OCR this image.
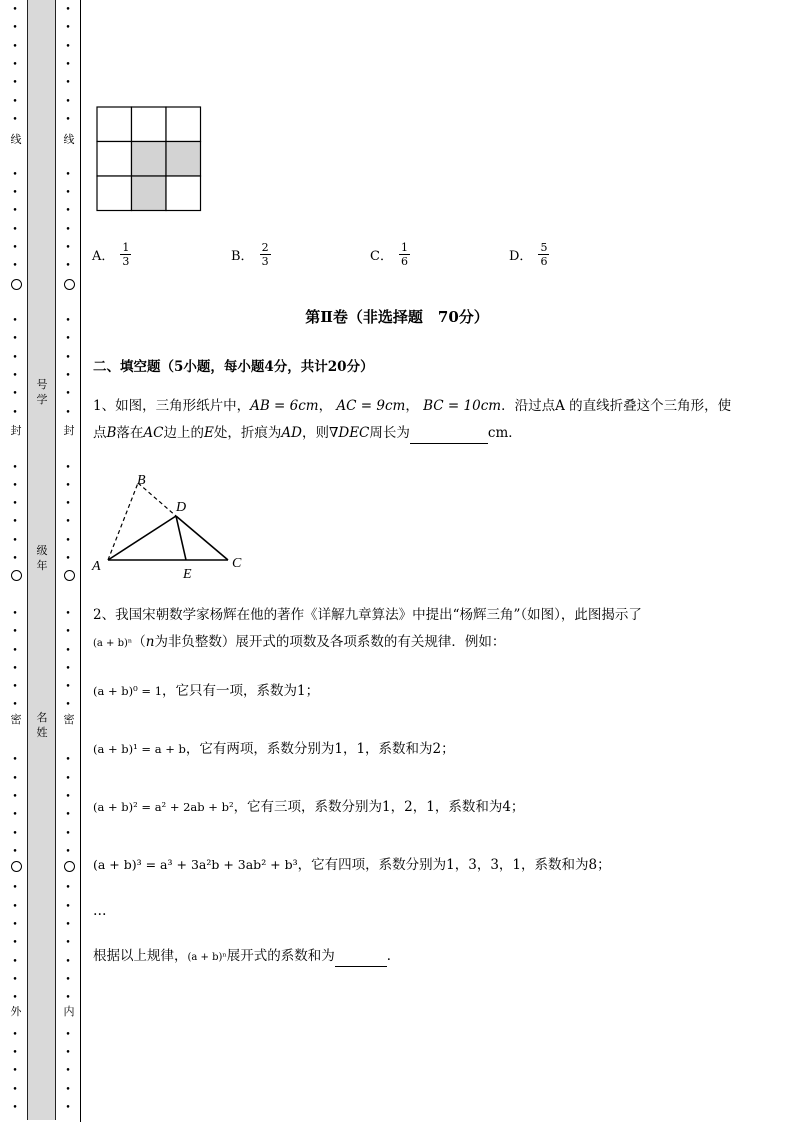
•
•
•
•
•
•
•
•
•
•
•
•
•
•
•
•
•
•
•
•
•
•
•
•
•
•
•
•
•
•
•
•
•
•
•
•
•
•
•
•
•
•
•
•
•
•
•
•
•
•
•
•
•
•
•
•
•
•
•
•
•
•
•
•
•
•
•
•
•
•
•
•
•
•
•
•
•
•
•
•
•
•
•
•
•
•
•
•
•
•
•
•
•
•
•
•
•
•
线
封
密
外
线
封
密
内
号
学
级
年
名
姓
A． $\frac{1}{3}$	B． $\frac{2}{3}$	C． $\frac{1}{6}$	D． $\frac{5}{6}$
第Ⅱ卷（非选择题　70分）
二、填空题（5小题，每小题4分，共计20分）
1、如图，三角形纸片中，AB = 6cm， AC = 9cm， BC = 10cm．沿过点A 的直线折叠这个三角形，使
点B落在AC边上的E处，折痕为AD，则∇DEC周长为	cm．
B
D
A
E
C
2、我国宋朝数学家杨辉在他的著作《详解九章算法》中提出“杨辉三角”（如图），此图揭示了
(a + b)ⁿ（n为非负整数）展开式的项数及各项系数的有关规律．例如：
(a + b)⁰ = 1，它只有一项，系数为1；
(a + b)¹ = a + b，它有两项，系数分别为1，1，系数和为2；
(a + b)² = a² + 2ab + b²，它有三项，系数分别为1，2，1，系数和为4；
(a + b)³ = a³ + 3a²b + 3ab² + b³，它有四项，系数分别为1，3，3，1，系数和为8；
…
根据以上规律，(a + b)ⁿ展开式的系数和为	．
